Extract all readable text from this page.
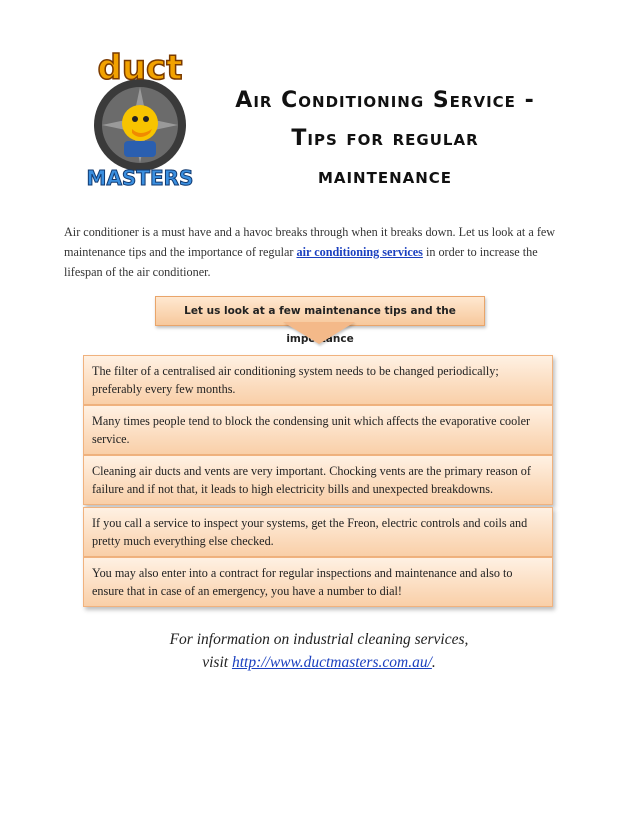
duct
MASTERS
Air Conditioning Service -
Tips for regular
maintenance
Air conditioner is a must have and a havoc breaks through when it breaks down. Let us look at a few maintenance tips and the importance of regular air conditioning services in order to increase the lifespan of the air conditioner.
Let us look at a few maintenance tips and the importance
The filter of a centralised air conditioning system needs to be changed periodically; preferably every few months.
Many times people tend to block the condensing unit which affects the evaporative cooler service.
Cleaning air ducts and vents are very important. Chocking vents are the primary reason of failure and if not that, it leads to high electricity bills and unexpected breakdowns.
If you call a service to inspect your systems, get the Freon, electric controls and coils and pretty much everything else checked.
You may also enter into a contract for regular inspections and maintenance and also to ensure that in case of an emergency, you have a number to dial!
For information on industrial cleaning services,
visit http://www.ductmasters.com.au/.
